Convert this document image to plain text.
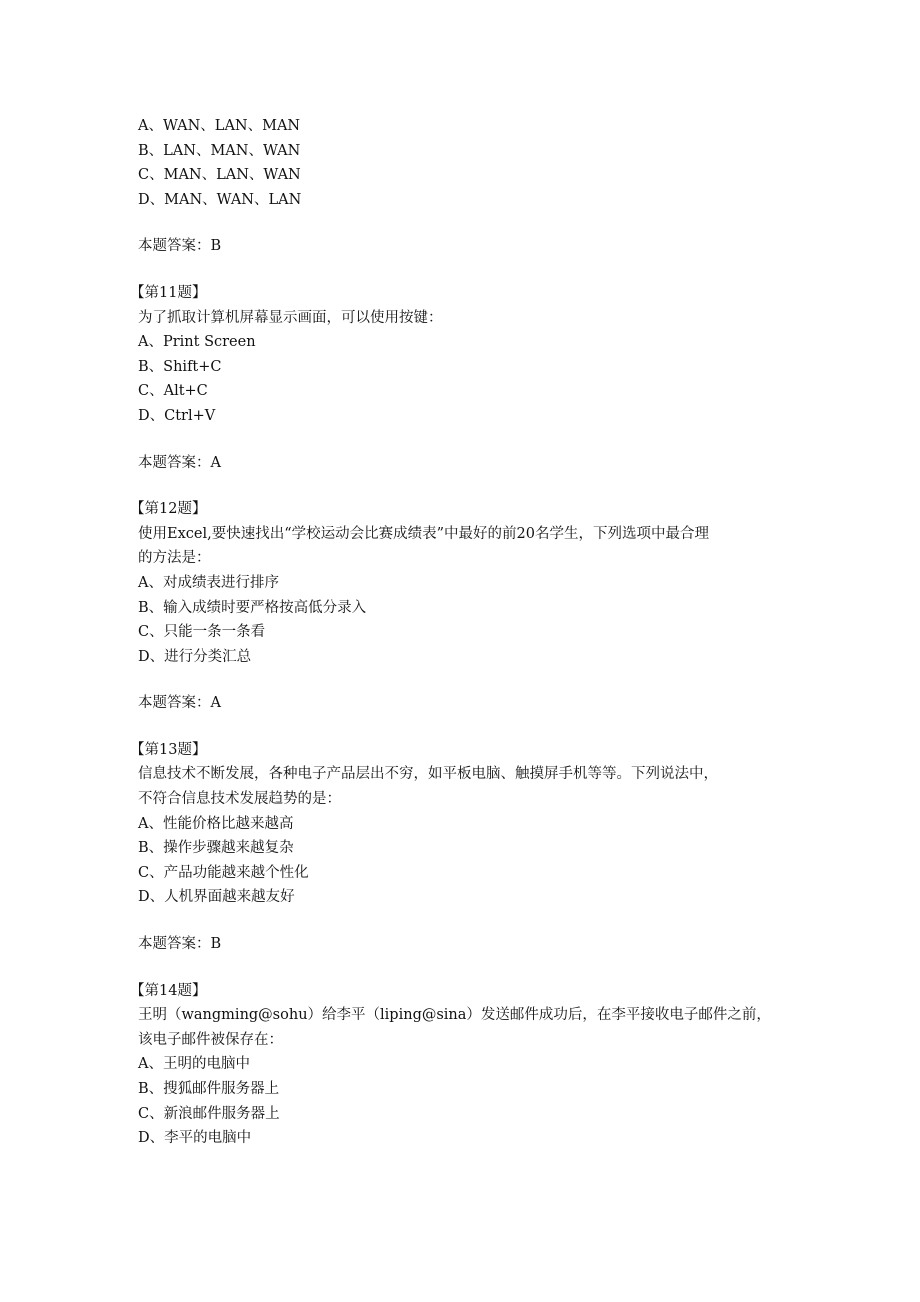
A、WAN、LAN、MAN
B、LAN、MAN、WAN
C、MAN、LAN、WAN
D、MAN、WAN、LAN
本题答案：B
【第11题】
为了抓取计算机屏幕显示画面，可以使用按键：
A、Print Screen
B、Shift+C
C、Alt+C
D、Ctrl+V
本题答案：A
【第12题】
使用Excel,要快速找出“学校运动会比赛成绩表”中最好的前20名学生，下列选项中最合理
的方法是：
A、对成绩表进行排序
B、输入成绩时要严格按高低分录入
C、只能一条一条看
D、进行分类汇总
本题答案：A
【第13题】
信息技术不断发展，各种电子产品层出不穷，如平板电脑、触摸屏手机等等。下列说法中，
不符合信息技术发展趋势的是：
A、性能价格比越来越高
B、操作步骤越来越复杂
C、产品功能越来越个性化
D、人机界面越来越友好
本题答案：B
【第14题】
王明（wangming@sohu）给李平（liping@sina）发送邮件成功后，在李平接收电子邮件之前，
该电子邮件被保存在：
A、王明的电脑中
B、搜狐邮件服务器上
C、新浪邮件服务器上
D、李平的电脑中
